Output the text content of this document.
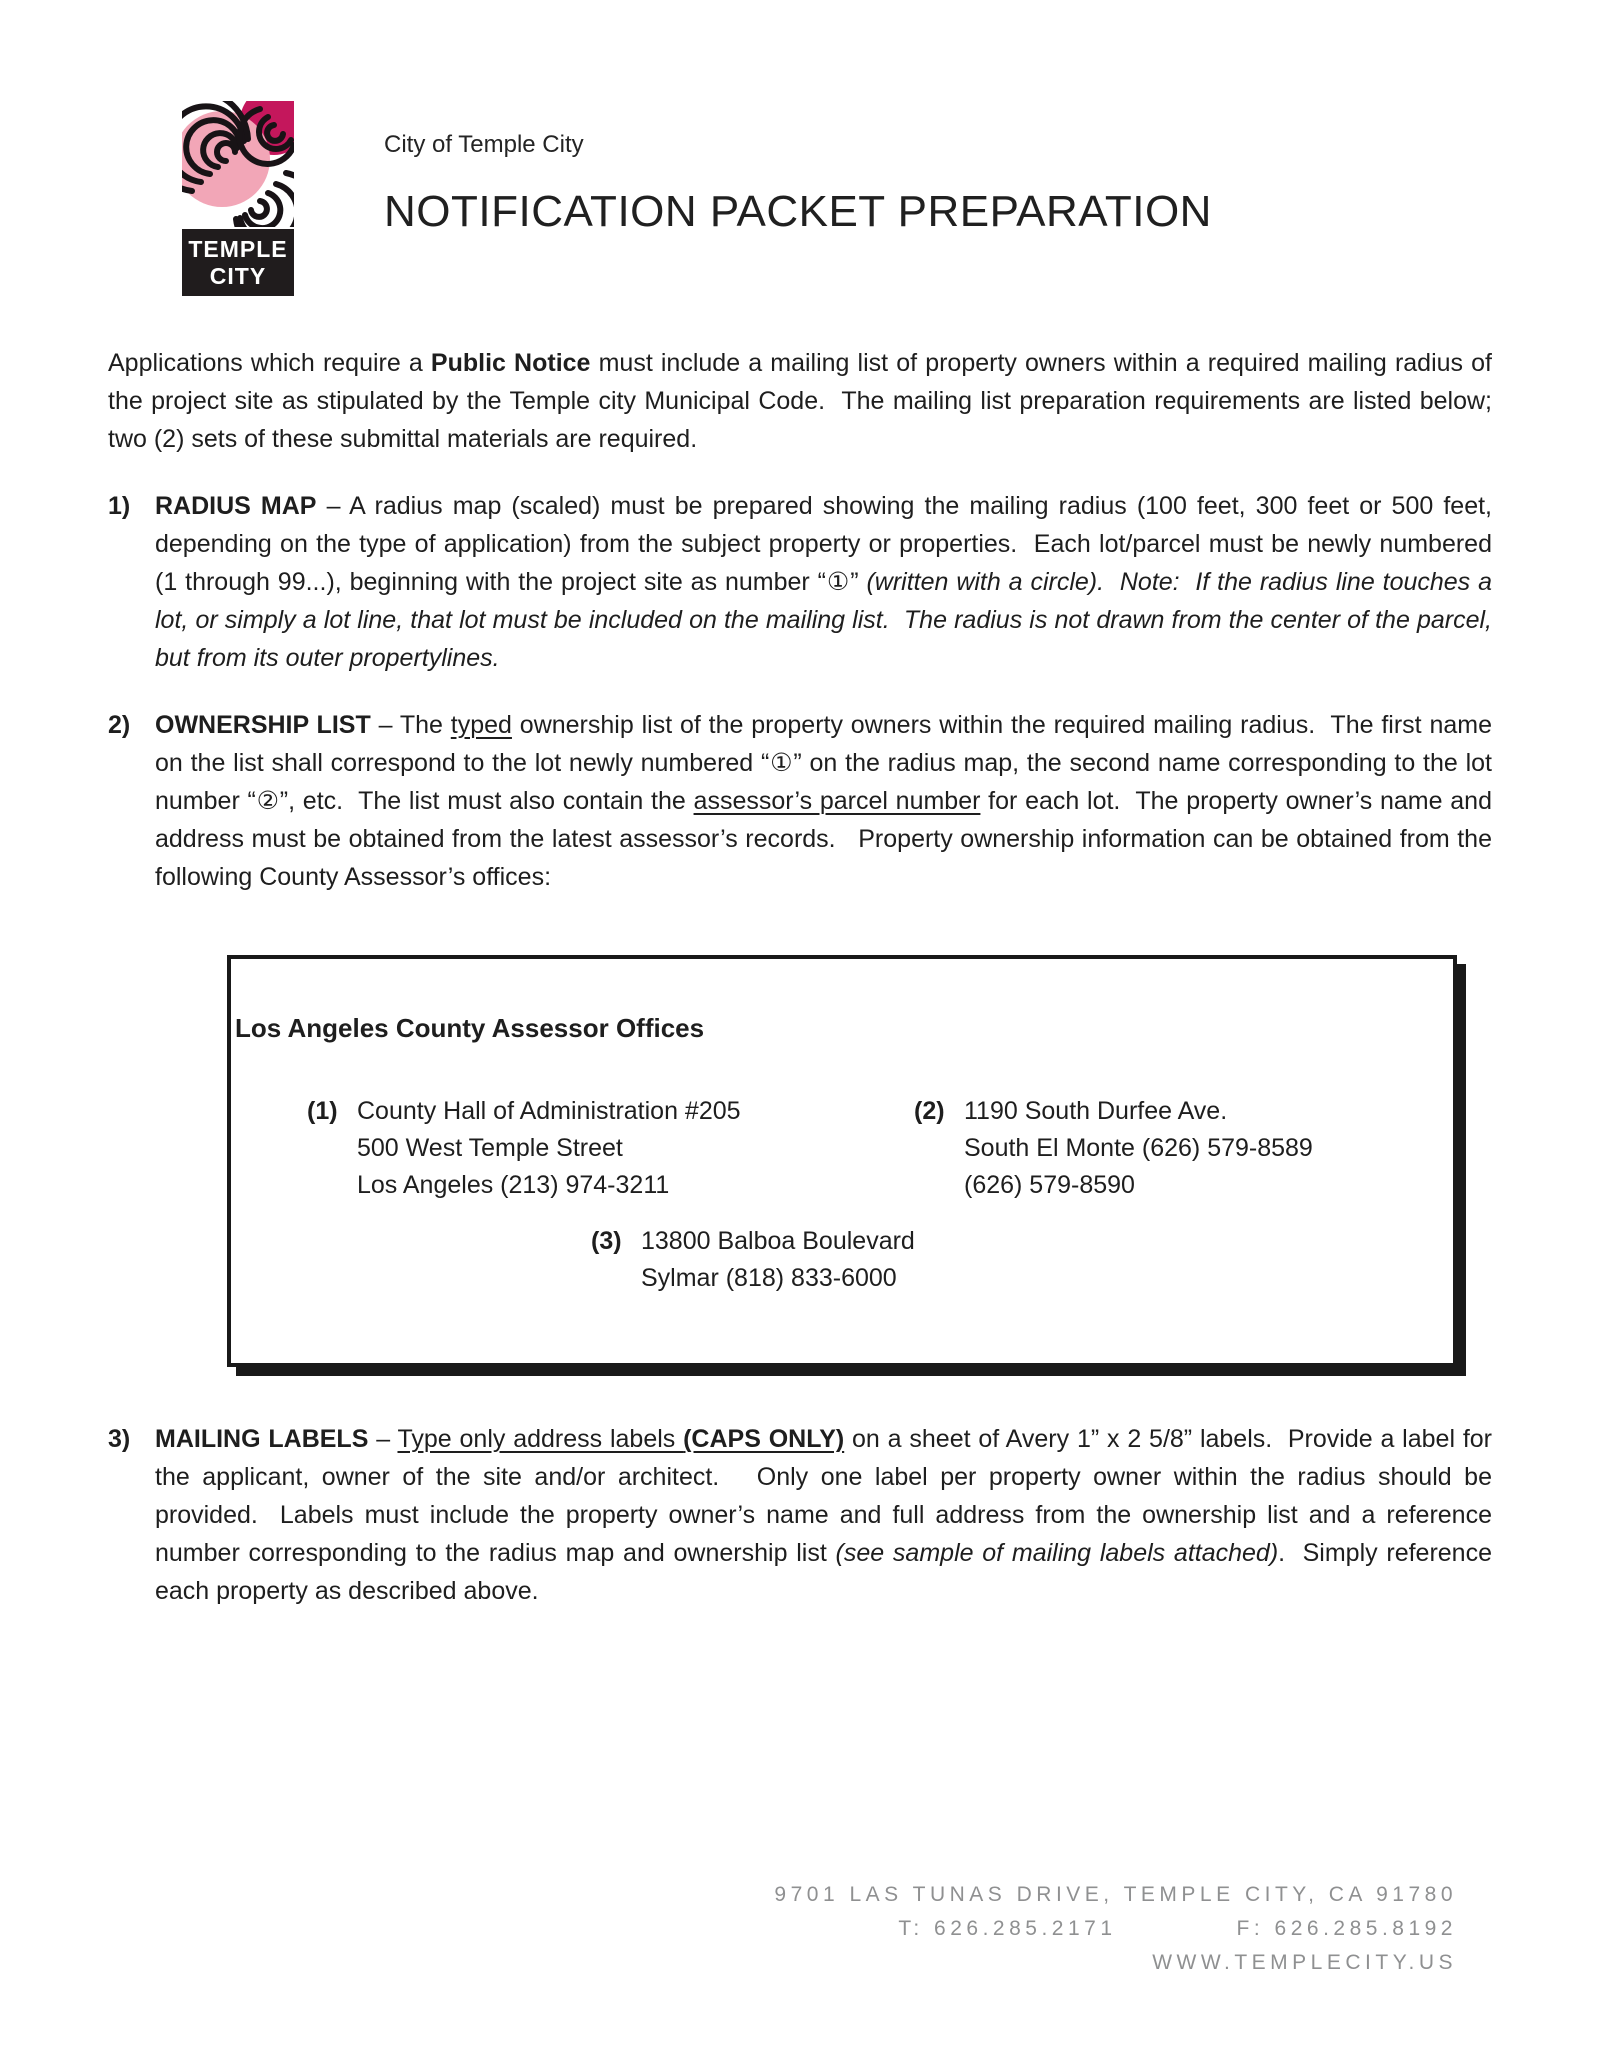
TEMPLE
CITY
City of Temple City
NOTIFICATION PACKET PREPARATION

Applications which require a Public Notice must include a mailing list of property owners within a required mailing radius of the project site as stipulated by the Temple city Municipal Code.  The mailing list preparation requirements are listed below; two (2) sets of these submittal materials are required.

1) RADIUS MAP – A radius map (scaled) must be prepared showing the mailing radius (100 feet, 300 feet or 500 feet, depending on the type of application) from the subject property or properties.  Each lot/parcel must be newly numbered (1 through 99...), beginning with the project site as number “①” (written with a circle).  Note:  If the radius line touches a lot, or simply a lot line, that lot must be included on the mailing list.  The radius is not drawn from the center of the parcel, but from its outer propertylines.
2) OWNERSHIP LIST – The typed ownership list of the property owners within the required mailing radius.  The first name on the list shall correspond to the lot newly numbered “①” on the radius map, the second name corresponding to the lot number “②”, etc.  The list must also contain the assessor’s parcel number for each lot.  The property owner’s name and address must be obtained from the latest assessor’s records.   Property ownership information can be obtained from the following County Assessor’s offices:
Los Angeles County Assessor Offices
(1) County Hall of Administration #205
500 West Temple Street
Los Angeles (213) 974-3211
(2) 1190 South Durfee Ave.
South El Monte (626) 579-8589
(626) 579-8590
(3) 13800 Balboa Boulevard
Sylmar (818) 833-6000
3) MAILING LABELS – Type only address labels (CAPS ONLY) on a sheet of Avery 1” x 2 5/8” labels.  Provide a label for the applicant, owner of the site and/or architect.   Only one label per property owner within the radius should be provided.  Labels must include the property owner’s name and full address from the ownership list and a reference number corresponding to the radius map and ownership list (see sample of mailing labels attached).  Simply reference each property as described above.
9701 LAS TUNAS DRIVE, TEMPLE CITY, CA 91780
T: 626.285.2171	F: 626.285.8192
WWW.TEMPLECITY.US
